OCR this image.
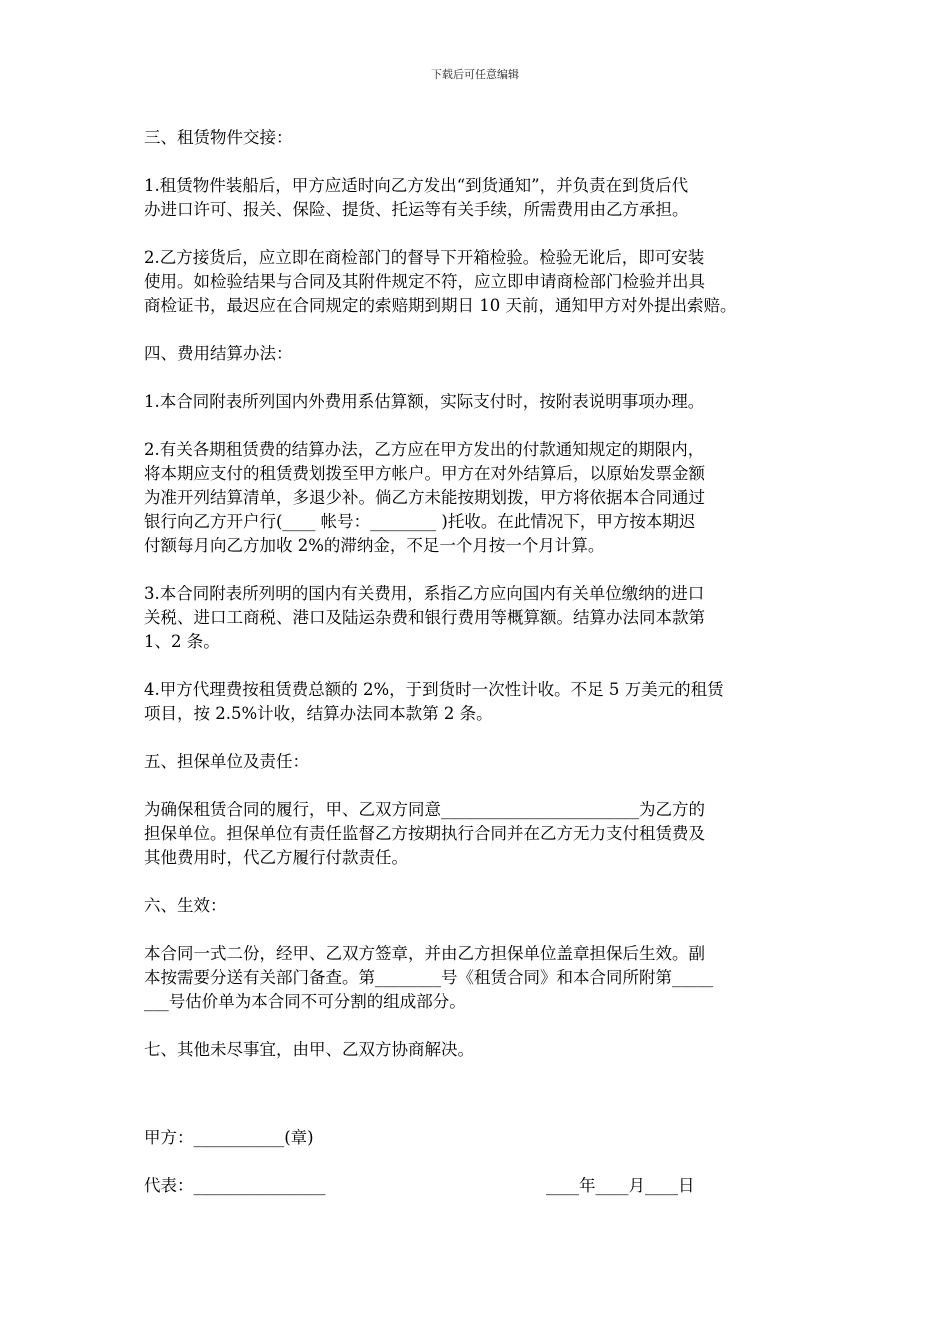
下载后可任意编辑

三、租赁物件交接：

1.租赁物件装船后，甲方应适时向乙方发出“到货通知”，并负责在到货后代
办进口许可、报关、保险、提货、托运等有关手续，所需费用由乙方承担。

2.乙方接货后，应立即在商检部门的督导下开箱检验。检验无讹后，即可安装
使用。如检验结果与合同及其附件规定不符，应立即申请商检部门检验并出具
商检证书，最迟应在合同规定的索赔期到期日 10 天前，通知甲方对外提出索赔。

四、费用结算办法：

1.本合同附表所列国内外费用系估算额，实际支付时，按附表说明事项办理。

2.有关各期租赁费的结算办法，乙方应在甲方发出的付款通知规定的期限内，
将本期应支付的租赁费划拨至甲方帐户。甲方在对外结算后，以原始发票金额
为准开列结算清单，多退少补。倘乙方未能按期划拨，甲方将依据本合同通过
银行向乙方开户行(____ 帐号：________ )托收。在此情况下，甲方按本期迟
付额每月向乙方加收 2%的滞纳金，不足一个月按一个月计算。

3.本合同附表所列明的国内有关费用，系指乙方应向国内有关单位缴纳的进口
关税、进口工商税、港口及陆运杂费和银行费用等概算额。结算办法同本款第
1、2 条。

4.甲方代理费按租赁费总额的 2%，于到货时一次性计收。不足 5 万美元的租赁
项目，按 2.5%计收，结算办法同本款第 2 条。

五、担保单位及责任：

为确保租赁合同的履行，甲、乙双方同意________________________为乙方的
担保单位。担保单位有责任监督乙方按期执行合同并在乙方无力支付租赁费及
其他费用时，代乙方履行付款责任。

六、生效：

本合同一式二份，经甲、乙双方签章，并由乙方担保单位盖章担保后生效。副
本按需要分送有关部门备查。第________号《租赁合同》和本合同所附第_____
___号估价单为本合同不可分割的组成部分。

七、其他未尽事宜，由甲、乙双方协商解决。

甲方：___________(章)
代表：________________	____年____月____日
